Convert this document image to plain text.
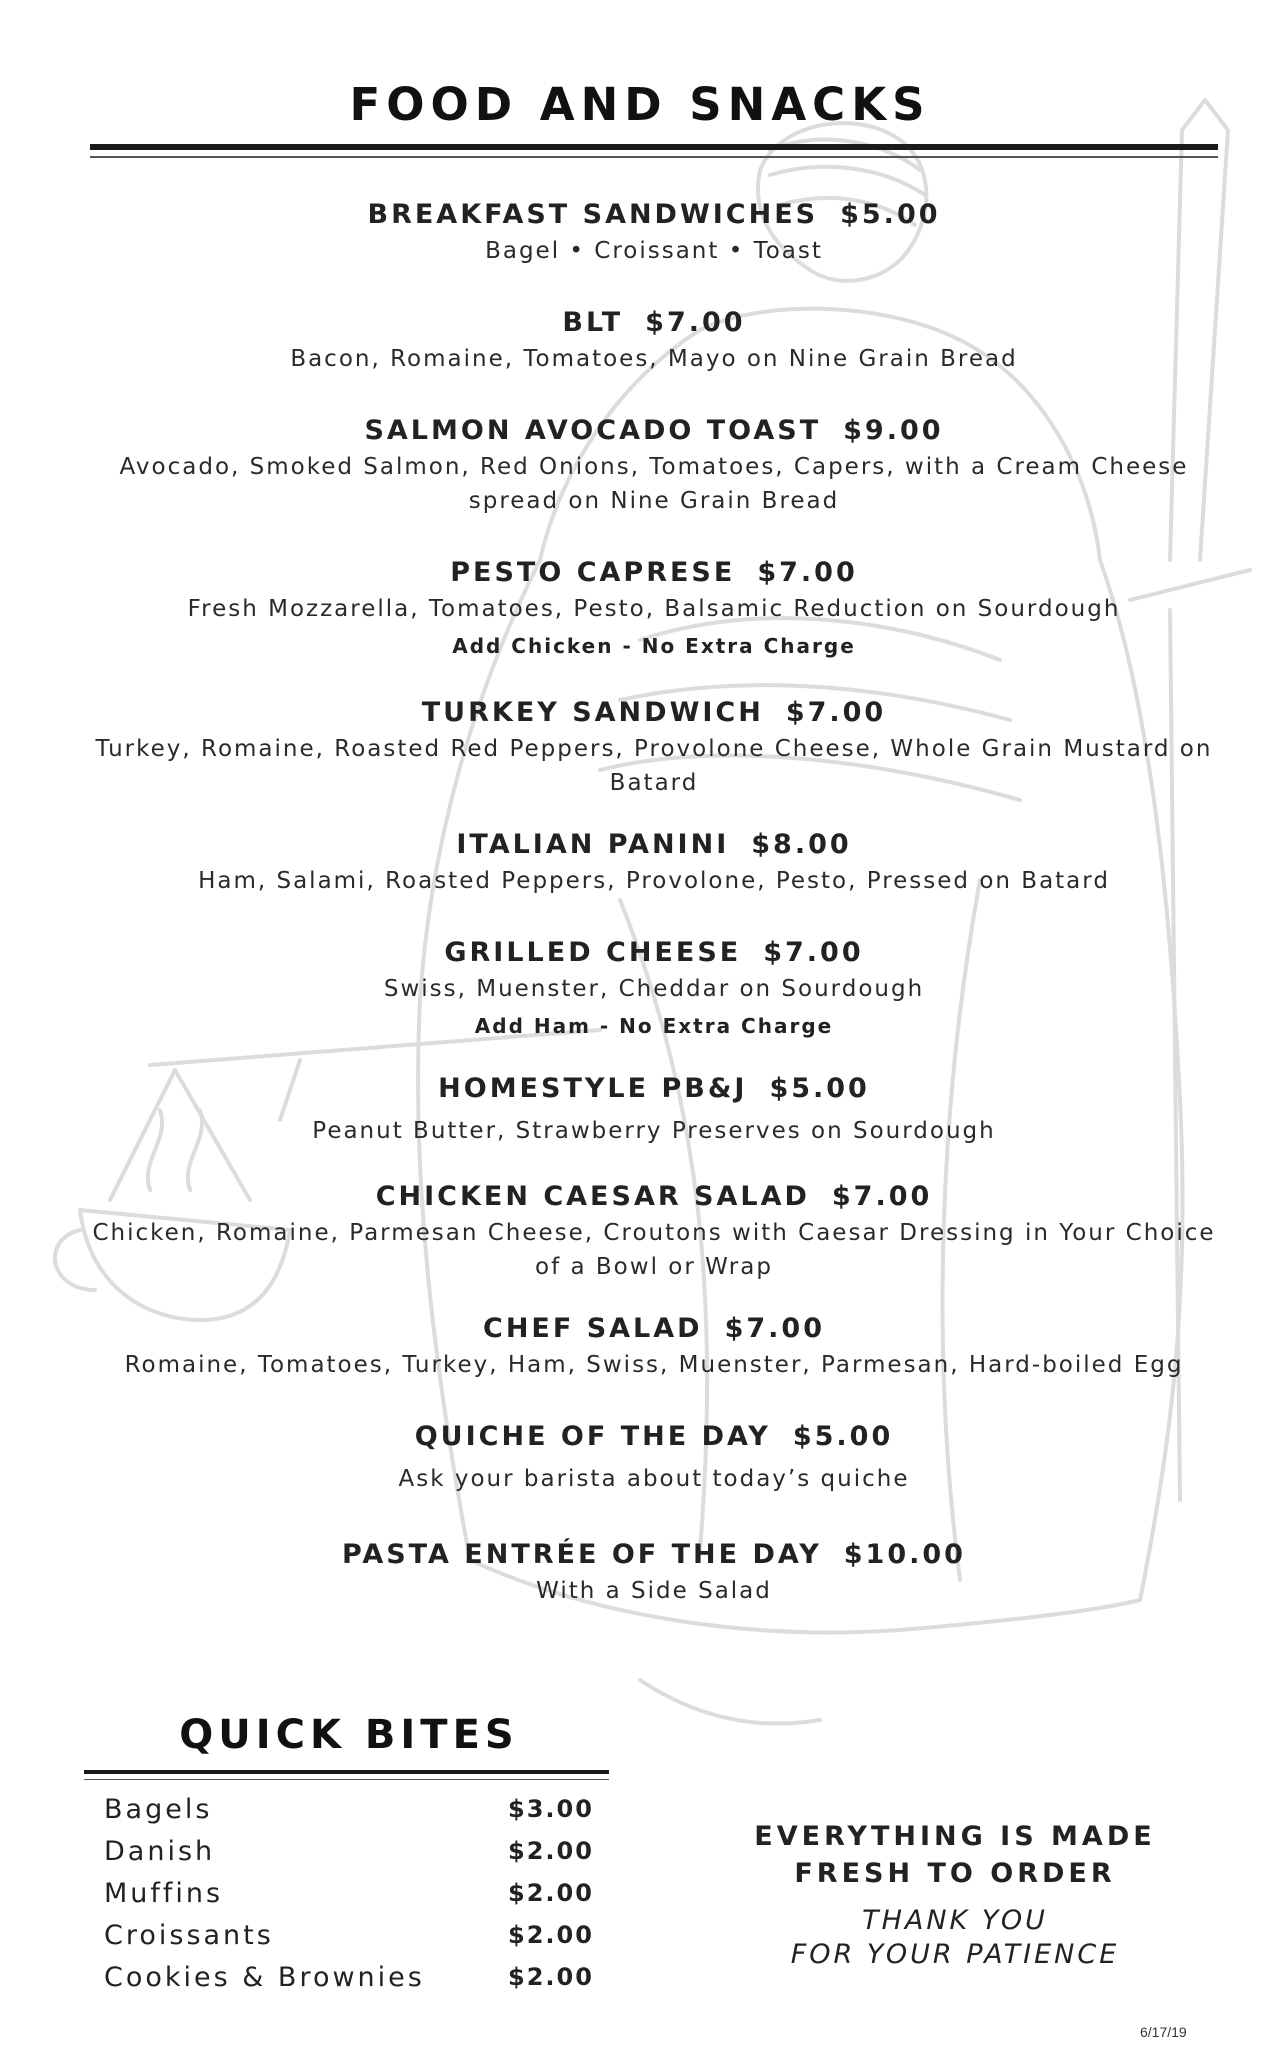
FOOD AND SNACKS
BREAKFAST SANDWICHES $5.00
Bagel • Croissant • Toast
BLT $7.00
Bacon, Romaine, Tomatoes, Mayo on Nine Grain Bread
SALMON AVOCADO TOAST $9.00
Avocado, Smoked Salmon, Red Onions, Tomatoes, Capers, with a Cream Cheese spread on Nine Grain Bread
PESTO CAPRESE $7.00
Fresh Mozzarella, Tomatoes, Pesto, Balsamic Reduction on Sourdough
Add Chicken - No Extra Charge
TURKEY SANDWICH $7.00
Turkey, Romaine, Roasted Red Peppers, Provolone Cheese, Whole Grain Mustard on Batard
ITALIAN PANINI $8.00
Ham, Salami, Roasted Peppers, Provolone, Pesto, Pressed on Batard
GRILLED CHEESE $7.00
Swiss, Muenster, Cheddar on Sourdough
Add Ham - No Extra Charge
HOMESTYLE PB&J $5.00
Peanut Butter, Strawberry Preserves on Sourdough
CHICKEN CAESAR SALAD $7.00
Chicken, Romaine, Parmesan Cheese, Croutons with Caesar Dressing in Your Choice of a Bowl or Wrap
CHEF SALAD $7.00
Romaine, Tomatoes, Turkey, Ham, Swiss, Muenster, Parmesan, Hard-boiled Egg
QUICHE OF THE DAY $5.00
Ask your barista about today’s quiche
PASTA ENTRÉE OF THE DAY $10.00
With a Side Salad
QUICK BITES
Bagels	$3.00
Danish	$2.00
Muffins	$2.00
Croissants	$2.00
Cookies & Brownies	$2.00
EVERYTHING IS MADE
FRESH TO ORDER
THANK YOU
FOR YOUR PATIENCE
6/17/19
